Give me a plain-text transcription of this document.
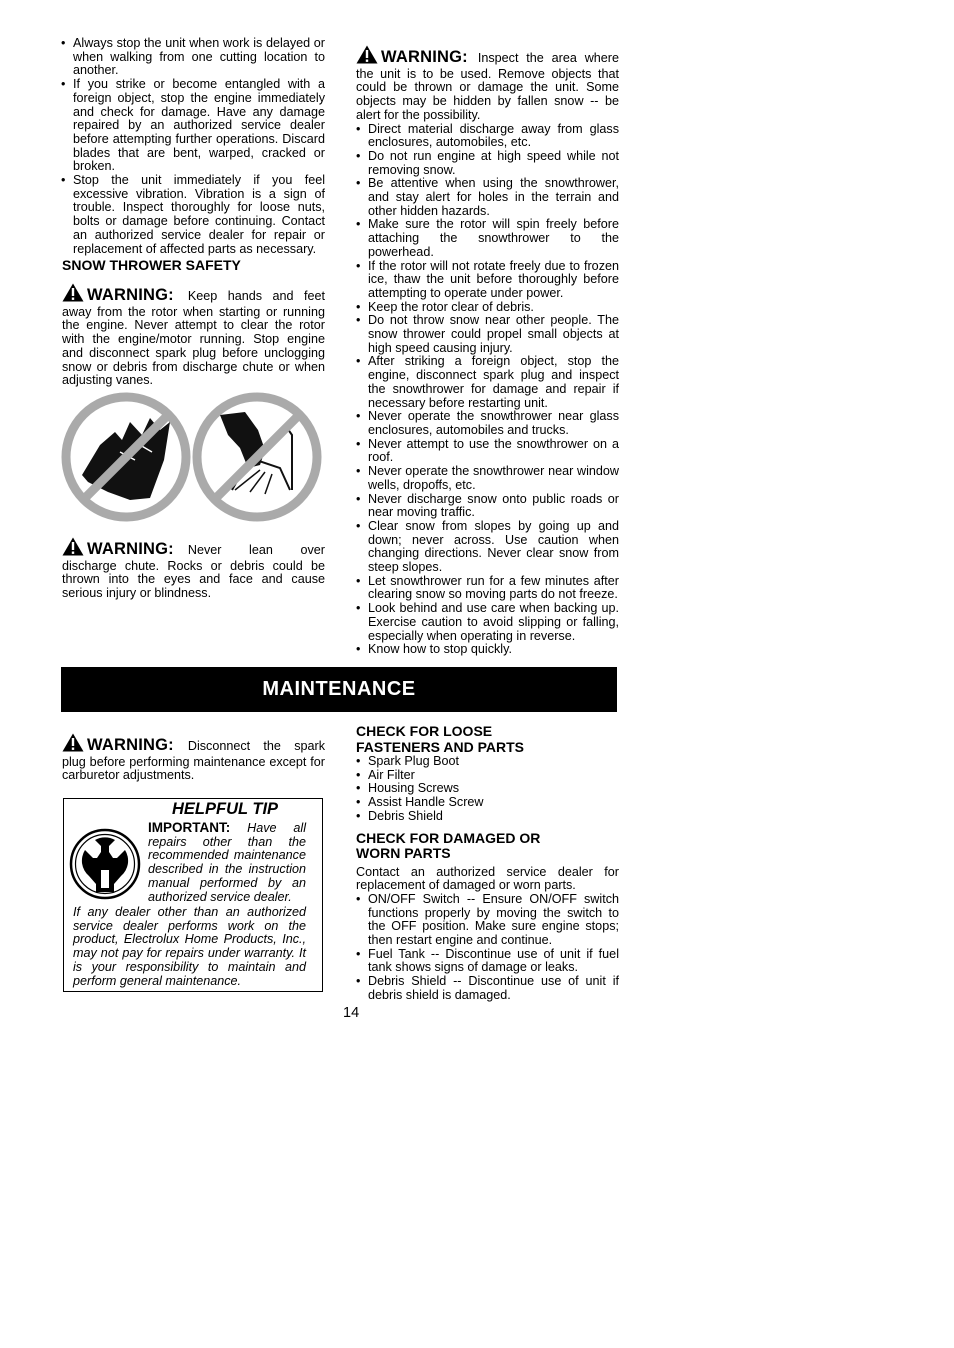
• Always stop the unit when work is delayed or when walking from one cutting location to another.
• If you strike or become entangled with a foreign object, stop the engine immediately and check for damage. Have any damage repaired by an authorized service dealer before attempting further operations. Discard blades that are bent, warped, cracked or broken.
• Stop the unit immediately if you feel excessive vibration. Vibration is a sign of trouble. Inspect thoroughly for loose nuts, bolts or damage before continuing. Contact an authorized service dealer for repair or replacement of affected parts as necessary.
SNOW THROWER SAFETY
WARNING: Keep hands and feet away from the rotor when starting or running the engine. Never attempt to clear the rotor with the engine/motor running. Stop engine and disconnect spark plug before unclogging snow or debris from discharge chute or when adjusting vanes.
WARNING: Never lean over discharge chute. Rocks or debris could be thrown into the eyes and face and cause serious injury or blindness.
WARNING: Inspect the area where the unit is to be used. Remove objects that could be thrown or damage the unit. Some objects may be hidden by fallen snow -- be alert for the possibility.
• Direct material discharge away from glass enclosures, automobiles, etc.
• Do not run engine at high speed while not removing snow.
• Be attentive when using the snowthrower, and stay alert for holes in the terrain and other hidden hazards.
• Make sure the rotor will spin freely before attaching the snowthrower to the powerhead.
• If the rotor will not rotate freely due to frozen ice, thaw the unit before thoroughly before attempting to operate under power.
• Keep the rotor clear of debris.
• Do not throw snow near other people. The snow thrower could propel small objects at high speed causing injury.
• After striking a foreign object, stop the engine, disconnect spark plug and inspect the snowthrower for damage and repair if necessary before restarting unit.
• Never operate the snowthrower near glass enclosures, automobiles and trucks.
• Never attempt to use the snowthrower on a roof.
• Never operate the snowthrower near window wells, dropoffs, etc.
• Never discharge snow onto public roads or near moving traffic.
• Clear snow from slopes by going up and down; never across. Use caution when changing directions. Never clear snow from steep slopes.
• Let snowthrower run for a few minutes after clearing snow so moving parts do not freeze.
• Look behind and use care when backing up. Exercise caution to avoid slipping or falling, especially when operating in reverse.
• Know how to stop quickly.
MAINTENANCE
WARNING: Disconnect the spark plug before performing maintenance except for carburetor adjustments.
HELPFUL TIP
IMPORTANT: Have all repairs other than the recommended maintenance described in the instruction manual performed by an authorized service dealer.
If any dealer other than an authorized service dealer performs work on the product, Electrolux Home Products, Inc., may not pay for repairs under warranty. It is your responsibility to maintain and perform general maintenance.
CHECK FOR LOOSE
FASTENERS AND PARTS
• Spark Plug Boot
• Air Filter
• Housing Screws
• Assist Handle Screw
• Debris Shield
CHECK FOR DAMAGED OR
WORN PARTS
Contact an authorized service dealer for replacement of damaged or worn parts.
• ON/OFF Switch -- Ensure ON/OFF switch functions properly by moving the switch to the OFF position. Make sure engine stops; then restart engine and continue.
• Fuel Tank -- Discontinue use of unit if fuel tank shows signs of damage or leaks.
• Debris Shield -- Discontinue use of unit if debris shield is damaged.
14
